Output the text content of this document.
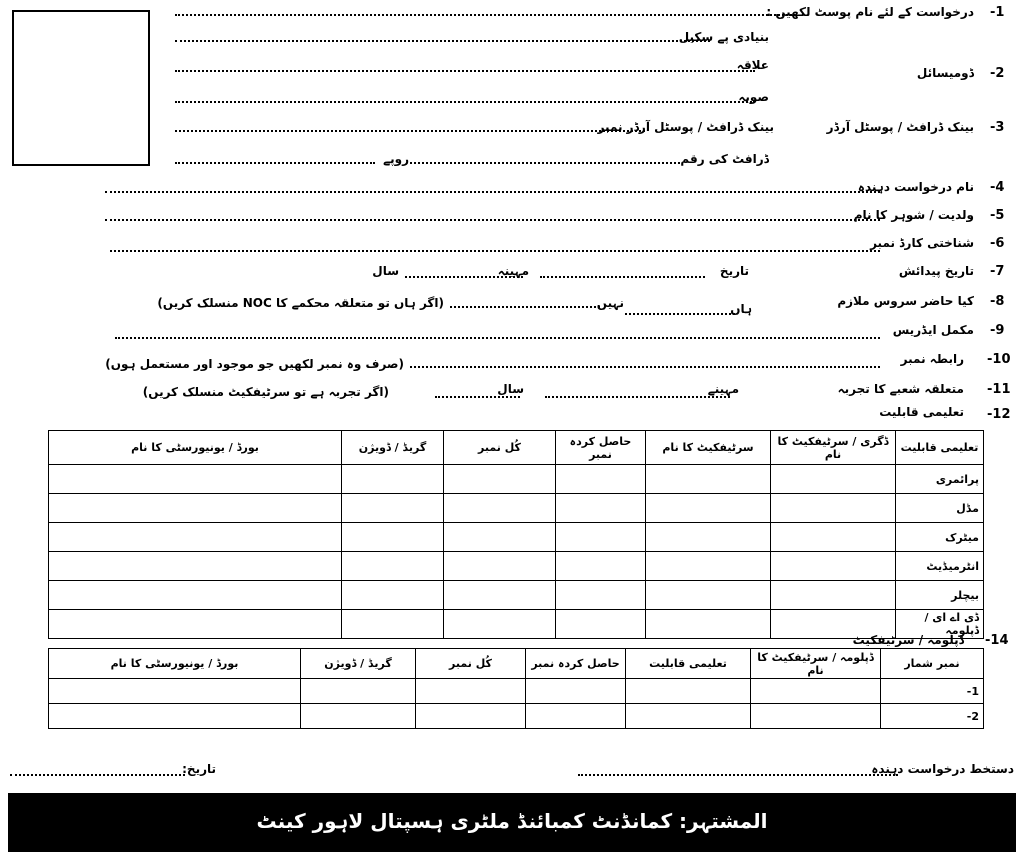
-1
درخواست کے لئے نام پوسٹ لکھیں :
بنیادی پے سکیل
علاقہ
-2
ڈومیسائل
صوبہ
-3
بینک ڈرافٹ / پوسٹل آرڈر
بینک ڈرافٹ / پوسٹل آرڈر نمبر
روپے	ڈرافٹ کی رقم
-4
نام درخواست دہندہ
-5
ولدیت / شوہر کا نام
-6
شناختی کارڈ نمبر
-7
تاریخ پیدائش
تاریخ
مہینہ
سال
-8
کیا حاضر سروس ملازم
ہاں
نہیں
(اگر ہاں تو متعلقہ محکمے کا NOC منسلک کریں)
-9
مکمل ایڈریس
-10
رابطہ نمبر
(صرف وہ نمبر لکھیں جو موجود اور مستعمل ہوں)
-11
متعلقہ شعبے کا تجربہ
مہینے
سال
(اگر تجربہ ہے تو سرٹیفکیٹ منسلک کریں)
-12
تعلیمی قابلیت
تعلیمی قابلیت	ڈگری / سرٹیفکیٹ کا نام	سرٹیفکیٹ کا نام	حاصل کردہ نمبر	کُل نمبر	گریڈ / ڈویژن	بورڈ / یونیورسٹی کا نام
پرائمری						
مڈل						
میٹرک						
انٹرمیڈیٹ						
بیچلر						
ڈی اے ای / ڈپلومہ						
-14
ڈپلومہ / سرٹیفکیٹ
نمبر شمار	ڈپلومہ / سرٹیفکیٹ کا نام	تعلیمی قابلیت	حاصل کردہ نمبر	کُل نمبر	گریڈ / ڈویژن	بورڈ / یونیورسٹی کا نام
-1						
-2						
دستخط درخواست دہندہ
تاریخ:
المشتہر: کمانڈنٹ کمبائنڈ ملٹری ہسپتال لاہور کینٹ
